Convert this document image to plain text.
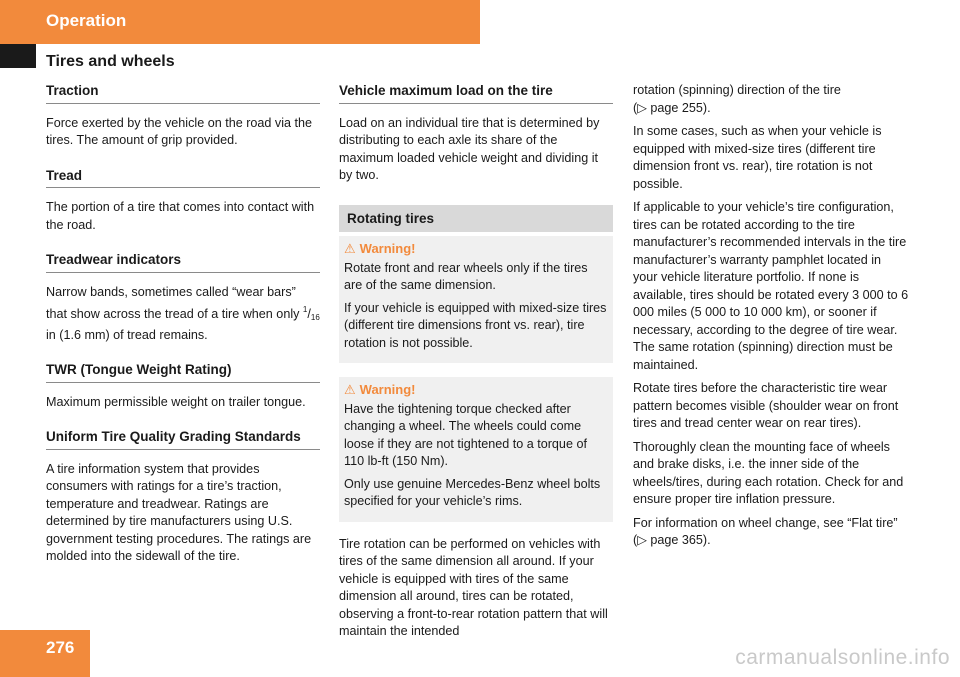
Operation
Tires and wheels
Traction

Force exerted by the vehicle on the road via the tires. The amount of grip provided.

Tread

The portion of a tire that comes into contact with the road.

Treadwear indicators

Narrow bands, sometimes called “wear bars” that show across the tread of a tire when only $^1/_{16}$ in (1.6 mm) of tread remains.

TWR (Tongue Weight Rating)

Maximum permissible weight on trailer tongue.

Uniform Tire Quality Grading Standards

A tire information system that provides consumers with ratings for a tire’s traction, temperature and treadwear. Ratings are determined by tire manufacturers using U.S. government testing procedures. The ratings are molded into the sidewall of the tire.

Vehicle maximum load on the tire

Load on an individual tire that is determined by distributing to each axle its share of the maximum loaded vehicle weight and dividing it by two.

Rotating tires
⚠ Warning!

Rotate front and rear wheels only if the tires are of the same dimension.

If your vehicle is equipped with mixed-size tires (different tire dimensions front vs. rear), tire rotation is not possible.

⚠ Warning!

Have the tightening torque checked after changing a wheel. The wheels could come loose if they are not tightened to a torque of 110 lb-ft (150 Nm).

Only use genuine Mercedes-Benz wheel bolts specified for your vehicle’s rims.

Tire rotation can be performed on vehicles with tires of the same dimension all around. If your vehicle is equipped with tires of the same dimension all around, tires can be rotated, observing a front-to-rear rotation pattern that will maintain the intended

rotation (spinning) direction of the tire
(▷ page 255).

In some cases, such as when your vehicle is equipped with mixed-size tires (different tire dimension front vs. rear), tire rotation is not possible.

If applicable to your vehicle’s tire configuration, tires can be rotated according to the tire manufacturer’s recommended intervals in the tire manufacturer’s warranty pamphlet located in your vehicle literature portfolio. If none is available, tires should be rotated every 3 000 to 6 000 miles (5 000 to 10 000 km), or sooner if necessary, according to the degree of tire wear. The same rotation (spinning) direction must be maintained.

Rotate tires before the characteristic tire wear pattern becomes visible (shoulder wear on front tires and tread center wear on rear tires).

Thoroughly clean the mounting face of wheels and brake disks, i.e. the inner side of the wheels/tires, during each rotation. Check for and ensure proper tire inflation pressure.

For information on wheel change, see “Flat tire” (▷ page 365).

276	carmanualsonline.info
